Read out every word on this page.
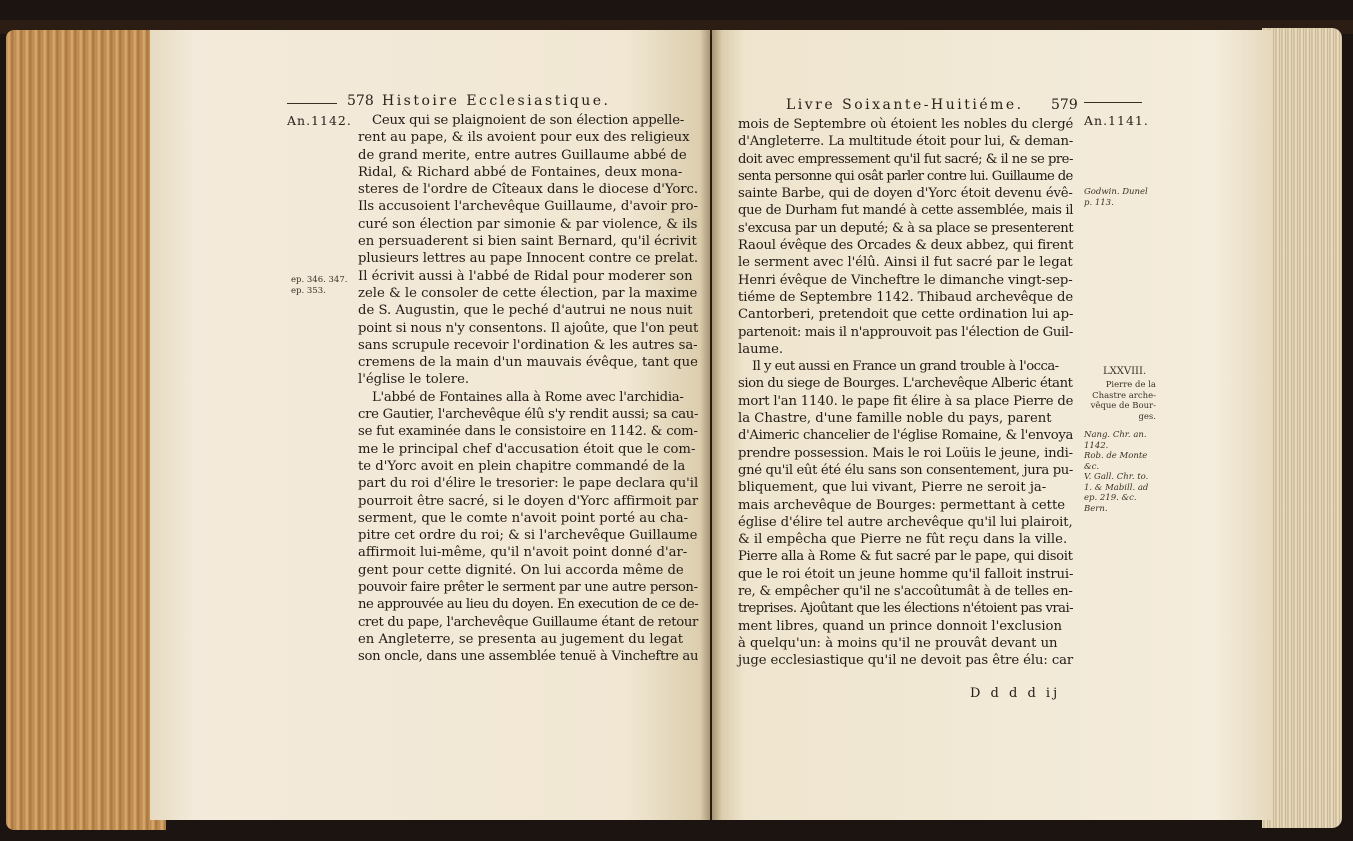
578 Histoire Ecclesiastique.
An.1142.
ep. 346. 347.
ep. 353.
Ceux qui se plaignoient de son élection appelle-
rent au pape, & ils avoient pour eux des religieux
de grand merite, entre autres Guillaume abbé de
Ridal, & Richard abbé de Fontaines, deux mona-
steres de l'ordre de Cîteaux dans le diocese d'Yorc.
Ils accusoient l'archevêque Guillaume, d'avoir pro-
curé son élection par simonie & par violence, & ils
en persuaderent si bien saint Bernard, qu'il écrivit
plusieurs lettres au pape Innocent contre ce prelat.
Il écrivit aussi à l'abbé de Ridal pour moderer son
zele & le consoler de cette élection, par la maxime
de S. Augustin, que le peché d'autrui ne nous nuit
point si nous n'y consentons. Il ajoûte, que l'on peut
sans scrupule recevoir l'ordination & les autres sa-
cremens de la main d'un mauvais évêque, tant que
l'église le tolere.
L'abbé de Fontaines alla à Rome avec l'archidia-
cre Gautier, l'archevêque élû s'y rendit aussi; sa cau-
se fut examinée dans le consistoire en 1142. & com-
me le principal chef d'accusation étoit que le com-
te d'Yorc avoit en plein chapitre commandé de la
part du roi d'élire le tresorier: le pape declara qu'il
pourroit être sacré, si le doyen d'Yorc affirmoit par
serment, que le comte n'avoit point porté au cha-
pitre cet ordre du roi; & si l'archevêque Guillaume
affirmoit lui-même, qu'il n'avoit point donné d'ar-
gent pour cette dignité. On lui accorda même de
pouvoir faire prêter le serment par une autre person-
ne approuvée au lieu du doyen. En execution de ce de-
cret du pape, l'archevêque Guillaume étant de retour
en Angleterre, se presenta au jugement du legat
son oncle, dans une assemblée tenuë à Vincheftre au
Livre Soixante-Huitiéme. 579
An.1141.
Godwin. Dunel
p. 113.
LXXVIII.
Pierre de la
Chastre arche-
vêque de Bour-
ges.
Nang. Chr. an.
1142.
Rob. de Monte
&c.
V. Gall. Chr. to.
1. & Mabill. ad
ep. 219. &c.
Bern.
mois de Septembre où étoient les nobles du clergé
d'Angleterre. La multitude étoit pour lui, & deman-
doit avec empressement qu'il fut sacré; & il ne se pre-
senta personne qui osât parler contre lui. Guillaume de
sainte Barbe, qui de doyen d'Yorc étoit devenu évê-
que de Durham fut mandé à cette assemblée, mais il
s'excusa par un deputé; & à sa place se presenterent
Raoul évêque des Orcades & deux abbez, qui firent
le serment avec l'élû. Ainsi il fut sacré par le legat
Henri évêque de Vincheftre le dimanche vingt-sep-
tiéme de Septembre 1142. Thibaud archevêque de
Cantorberi, pretendoit que cette ordination lui ap-
partenoit: mais il n'approuvoit pas l'élection de Guil-
laume.
Il y eut aussi en France un grand trouble à l'occa-
sion du siege de Bourges. L'archevêque Alberic étant
mort l'an 1140. le pape fit élire à sa place Pierre de
la Chastre, d'une famille noble du pays, parent
d'Aimeric chancelier de l'église Romaine, & l'envoya
prendre possession. Mais le roi Loüis le jeune, indi-
gné qu'il eût été élu sans son consentement, jura pu-
bliquement, que lui vivant, Pierre ne seroit ja-
mais archevêque de Bourges: permettant à cette
église d'élire tel autre archevêque qu'il lui plairoit,
& il empêcha que Pierre ne fût reçu dans la ville.
Pierre alla à Rome & fut sacré par le pape, qui disoit
que le roi étoit un jeune homme qu'il falloit instrui-
re, & empêcher qu'il ne s'accoûtumât à de telles en-
treprises. Ajoûtant que les élections n'étoient pas vrai-
ment libres, quand un prince donnoit l'exclusion
à quelqu'un: à moins qu'il ne prouvât devant un
juge ecclesiastique qu'il ne devoit pas être élu: car
D d d d ij
